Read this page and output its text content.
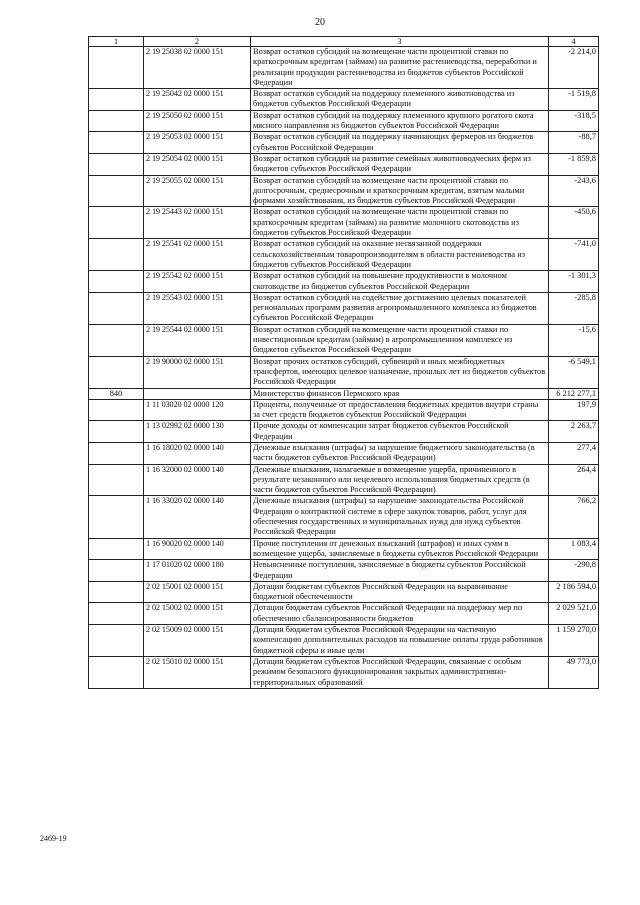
20
1	2	3	4
	2 19 25038 02 0000 151	Возврат остатков субсидий на возмещение части процентной ставки по краткосрочным кредитам (займам) на развитие растениеводства, переработки и реализации продукции растениеводства из бюджетов субъектов Российской Федерации	-2 214,0
	2 19 25042 02 0000 151	Возврат остатков субсидий на поддержку племенного животноводства из бюджетов субъектов Российской Федерации	-1 519,8
	2 19 25050 02 0000 151	Возврат остатков субсидий на поддержку племенного крупного рогатого скота мясного направления из бюджетов субъектов Российской Федерации	-318,5
	2 19 25053 02 0000 151	Возврат остатков субсидий на поддержку начинающих фермеров из бюджетов субъектов Российской Федерации	-88,7
	2 19 25054 02 0000 151	Возврат остатков субсидий на развитие семейных животноводческих ферм из бюджетов субъектов Российской Федерации	-1 859,8
	2 19 25055 02 0000 151	Возврат остатков субсидий на возмещение части процентной ставки по долгосрочным, среднесрочным и краткосрочным кредитам, взятым малыми формами хозяйствования, из бюджетов субъектов Российской Федерации	-243,6
	2 19 25443 02 0000 151	Возврат остатков субсидий на возмещение части процентной ставки по краткосрочным кредитам (займам) на развитие молочного скотоводства из бюджетов субъектов Российской Федерации	-450,6
	2 19 25541 02 0000 151	Возврат остатков субсидий на оказание несвязанной поддержки сельскохозяйственным товаропроизводителям в области растениеводства из бюджетов субъектов Российской Федерации	-741,0
	2 19 25542 02 0000 151	Возврат остатков субсидий на повышение продуктивности в молочном скотоводстве из бюджетов субъектов Российской Федерации	-1 301,3
	2 19 25543 02 0000 151	Возврат остатков субсидий на содействие достижению целевых показателей региональных программ развития агропромышленного комплекса из бюджетов субъектов Российской Федерации	-285,8
	2 19 25544 02 0000 151	Возврат остатков субсидий на возмещение части процентной ставки по инвестиционным кредитам (займам) в агропромышленном комплексе из бюджетов субъектов Российской Федерации	-15,6
	2 19 90000 02 0000 151	Возврат прочих остатков субсидий, субвенций и иных межбюджетных трансфертов, имеющих целевое назначение, прошлых лет из бюджетов субъектов Российской Федерации	-6 549,1
840		Министерство финансов Пермского края	6 212 277,1
	1 11 03020 02 0000 120	Проценты, полученные от предоставления бюджетных кредитов внутри страны за счет средств бюджетов субъектов Российской Федерации	197,9
	1 13 02992 02 0000 130	Прочие доходы от компенсации затрат бюджетов субъектов Российской Федерации	2 263,7
	1 16 18020 02 0000 140	Денежные взыскания (штрафы) за нарушение бюджетного законодательства (в части бюджетов субъектов Российской Федерации)	277,4
	1 16 32000 02 0000 140	Денежные взыскания, налагаемые в возмещение ущерба, причиненного в результате незаконного или нецелевого использования бюджетных средств (в части бюджетов субъектов Российской Федерации)	264,4
	1 16 33020 02 0000 140	Денежные взыскания (штрафы) за нарушение законодательства Российской Федерации о контрактной системе в сфере закупок товаров, работ, услуг для обеспечения государственных и муниципальных нужд для нужд субъектов Российской Федерации	766,2
	1 16 90020 02 0000 140	Прочие поступления от денежных взысканий (штрафов) и иных сумм в возмещение ущерба, зачисляемые в бюджеты субъектов Российской Федерации	1 083,4
	1 17 01020 02 0000 180	Невыясненные поступления, зачисляемые в бюджеты субъектов Российской Федерации	-290,8
	2 02 15001 02 0000 151	Дотации бюджетам субъектов Российской Федерации на выравнивание бюджетной обеспеченности	2 186 594,0
	2 02 15002 02 0000 151	Дотации бюджетам субъектов Российской Федерации на поддержку мер по обеспечению сбалансированности бюджетов	2 029 521,0
	2 02 15009 02 0000 151	Дотации бюджетам субъектов Российской Федерации на частичную компенсацию дополнительных расходов на повышение оплаты труда работников бюджетной сферы и иные цели	1 159 270,0
	2 02 15010 02 0000 151	Дотации бюджетам субъектов Российской Федерации, связанные с особым режимом безопасного функционирования закрытых административно-территориальных образований	49 773,0
2469-19
